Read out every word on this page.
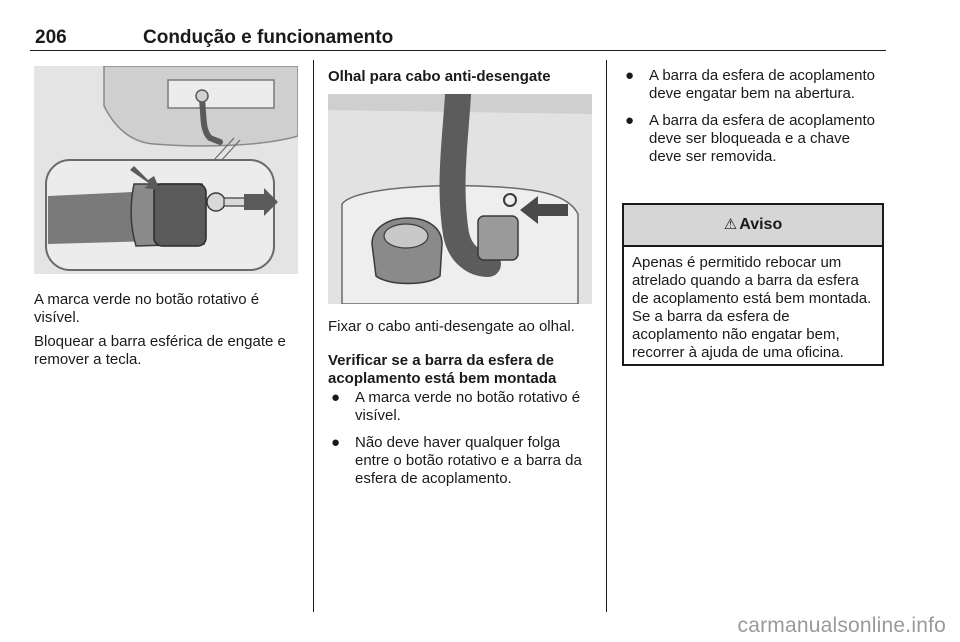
206	Condução e funcionamento

A marca verde no botão rotativo é visível.

Bloquear a barra esférica de engate e remover a tecla.

Olhal para cabo anti-desengate

Fixar o cabo anti-desengate ao olhal.

Verificar se a barra da esfera de acoplamento está bem montada

● A marca verde no botão rotativo é visível.
● Não deve haver qualquer folga entre o botão rotativo e a barra da esfera de acoplamento.
● A barra da esfera de acoplamento deve engatar bem na abertura.
● A barra da esfera de acoplamento deve ser bloqueada e a chave deve ser removida.
⚠ Aviso
Apenas é permitido rebocar um atrelado quando a barra da esfera de acoplamento está bem montada. Se a barra da esfera de acoplamento não engatar bem, recorrer à ajuda de uma oficina.
carmanualsonline.info
